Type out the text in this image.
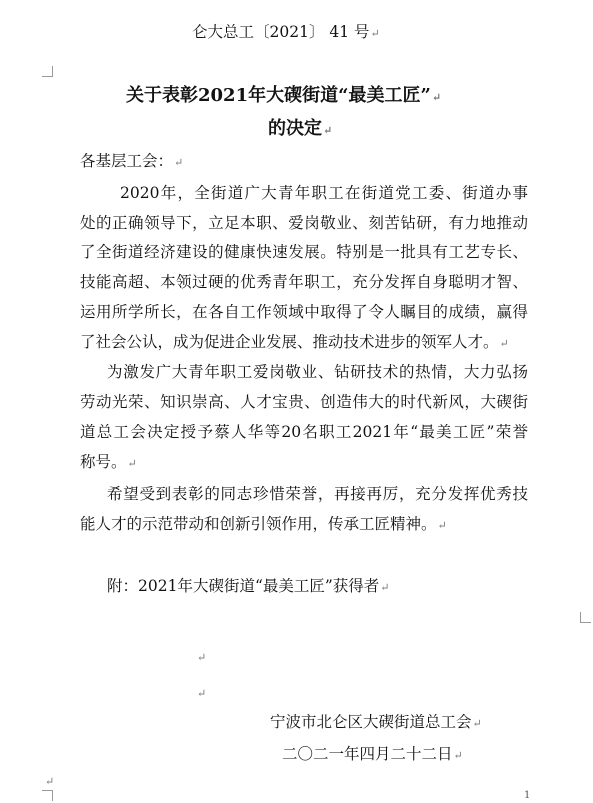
仑大总工〔2021〕 41 号↵
关于表彰2021年大碶街道“最美工匠”↵
的决定↵
各基层工会：↵
2020年，全街道广大青年职工在街道党工委、街道办事
处的正确领导下，立足本职、爱岗敬业、刻苦钻研，有力地推动
了全街道经济建设的健康快速发展。特别是一批具有工艺专长、
技能高超、本领过硬的优秀青年职工，充分发挥自身聪明才智、
运用所学所长，在各自工作领域中取得了令人瞩目的成绩，赢得
了社会公认，成为促进企业发展、推动技术进步的领军人才。↵
为激发广大青年职工爱岗敬业、钻研技术的热情，大力弘扬
劳动光荣、知识崇高、人才宝贵、创造伟大的时代新风，大碶街
道总工会决定授予蔡人华等20名职工2021年“最美工匠”荣誉
称号。↵
希望受到表彰的同志珍惜荣誉，再接再厉，充分发挥优秀技
能人才的示范带动和创新引领作用，传承工匠精神。↵
附：2021年大碶街道“最美工匠”获得者↵
↵
↵
宁波市北仑区大碶街道总工会↵
二〇二一年四月二十二日↵
↵
1
